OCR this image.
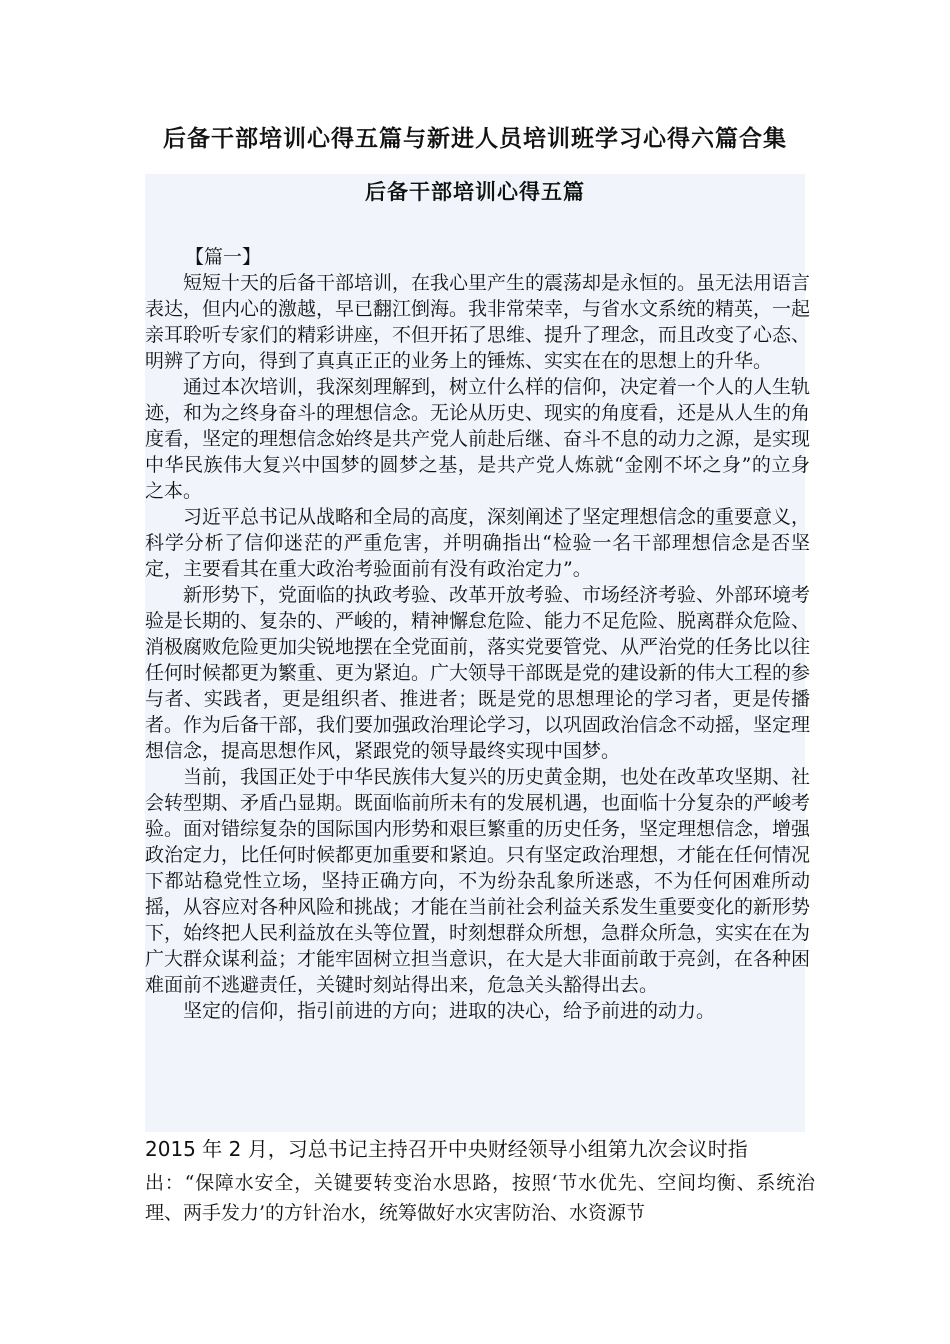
后备干部培训心得五篇与新进人员培训班学习心得六篇合集
后备干部培训心得五篇

【篇一】

短短十天的后备干部培训，在我心里产生的震荡却是永恒的。虽无法用语言表达，但内心的激越，早已翻江倒海。我非常荣幸，与省水文系统的精英，一起亲耳聆听专家们的精彩讲座，不但开拓了思维、提升了理念，而且改变了心态、明辨了方向，得到了真真正正的业务上的锤炼、实实在在的思想上的升华。

通过本次培训，我深刻理解到，树立什么样的信仰，决定着一个人的人生轨迹，和为之终身奋斗的理想信念。无论从历史、现实的角度看，还是从人生的角度看，坚定的理想信念始终是共产党人前赴后继、奋斗不息的动力之源，是实现中华民族伟大复兴中国梦的圆梦之基，是共产党人炼就“金刚不坏之身”的立身之本。

习近平总书记从战略和全局的高度，深刻阐述了坚定理想信念的重要意义，科学分析了信仰迷茫的严重危害，并明确指出“检验一名干部理想信念是否坚定，主要看其在重大政治考验面前有没有政治定力”。

新形势下，党面临的执政考验、改革开放考验、市场经济考验、外部环境考验是长期的、复杂的、严峻的，精神懈怠危险、能力不足危险、脱离群众危险、消极腐败危险更加尖锐地摆在全党面前，落实党要管党、从严治党的任务比以往任何时候都更为繁重、更为紧迫。广大领导干部既是党的建设新的伟大工程的参与者、实践者，更是组织者、推进者；既是党的思想理论的学习者，更是传播者。作为后备干部，我们要加强政治理论学习，以巩固政治信念不动摇，坚定理想信念，提高思想作风，紧跟党的领导最终实现中国梦。

当前，我国正处于中华民族伟大复兴的历史黄金期，也处在改革攻坚期、社会转型期、矛盾凸显期。既面临前所未有的发展机遇，也面临十分复杂的严峻考验。面对错综复杂的国际国内形势和艰巨繁重的历史任务，坚定理想信念，增强政治定力，比任何时候都更加重要和紧迫。只有坚定政治理想，才能在任何情况下都站稳党性立场，坚持正确方向，不为纷杂乱象所迷惑，不为任何困难所动摇，从容应对各种风险和挑战；才能在当前社会利益关系发生重要变化的新形势下，始终把人民利益放在头等位置，时刻想群众所想，急群众所急，实实在在为广大群众谋利益；才能牢固树立担当意识，在大是大非面前敢于亮剑，在各种困难面前不逃避责任，关键时刻站得出来，危急关头豁得出去。

坚定的信仰，指引前进的方向；进取的决心，给予前进的动力。

2015 年 2 月，习总书记主持召开中央财经领导小组第九次会议时指

出：“保障水安全，关键要转变治水思路，按照‘节水优先、空间均衡、系统治理、两手发力’的方针治水，统筹做好水灾害防治、水资源节
